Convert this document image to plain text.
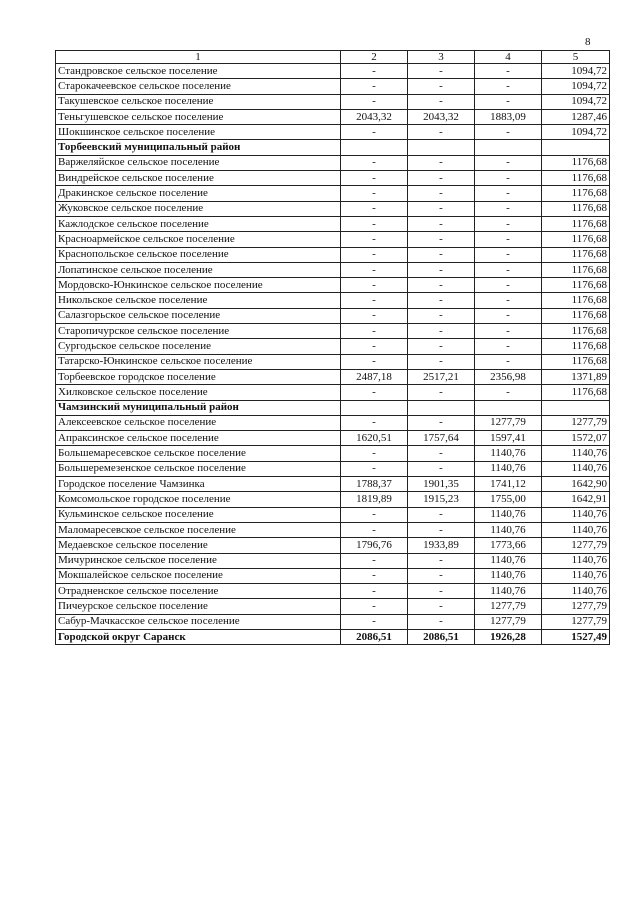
8
1	2	3	4	5
Стандровское сельское поселение	-	-	-	1094,72
Старокачеевское сельское поселение	-	-	-	1094,72
Такушевское сельское поселение	-	-	-	1094,72
Теньгушевское сельское поселение	2043,32	2043,32	1883,09	1287,46
Шокшинское сельское поселение	-	-	-	1094,72
Торбеевский муниципальный район				
Варжеляйское сельское поселение	-	-	-	1176,68
Виндрейское сельское поселение	-	-	-	1176,68
Дракинское сельское поселение	-	-	-	1176,68
Жуковское сельское поселение	-	-	-	1176,68
Кажлодское сельское поселение	-	-	-	1176,68
Красноармейское сельское поселение	-	-	-	1176,68
Краснопольское сельское поселение	-	-	-	1176,68
Лопатинское сельское поселение	-	-	-	1176,68
Мордовско-Юнкинское сельское поселение	-	-	-	1176,68
Никольское сельское поселение	-	-	-	1176,68
Салазгорьское сельское поселение	-	-	-	1176,68
Старопичурское сельское поселение	-	-	-	1176,68
Сургодьское сельское поселение	-	-	-	1176,68
Татарско-Юнкинское сельское поселение	-	-	-	1176,68
Торбеевское городское поселение	2487,18	2517,21	2356,98	1371,89
Хилковское сельское поселение	-	-	-	1176,68
Чамзинский муниципальный район				
Алексеевское сельское поселение	-	-	1277,79	1277,79
Апраксинское сельское поселение	1620,51	1757,64	1597,41	1572,07
Большемаресевское сельское поселение	-	-	1140,76	1140,76
Большеремезенское сельское поселение	-	-	1140,76	1140,76
Городское поселение Чамзинка	1788,37	1901,35	1741,12	1642,90
Комсомольское городское поселение	1819,89	1915,23	1755,00	1642,91
Кульминское сельское поселение	-	-	1140,76	1140,76
Маломаресевское сельское поселение	-	-	1140,76	1140,76
Медаевское сельское поселение	1796,76	1933,89	1773,66	1277,79
Мичуринское сельское поселение	-	-	1140,76	1140,76
Мокшалейское сельское поселение	-	-	1140,76	1140,76
Отрадненское сельское поселение	-	-	1140,76	1140,76
Пичеурское сельское поселение	-	-	1277,79	1277,79
Сабур-Мачкасское сельское поселение	-	-	1277,79	1277,79
Городской округ Саранск	2086,51	2086,51	1926,28	1527,49
